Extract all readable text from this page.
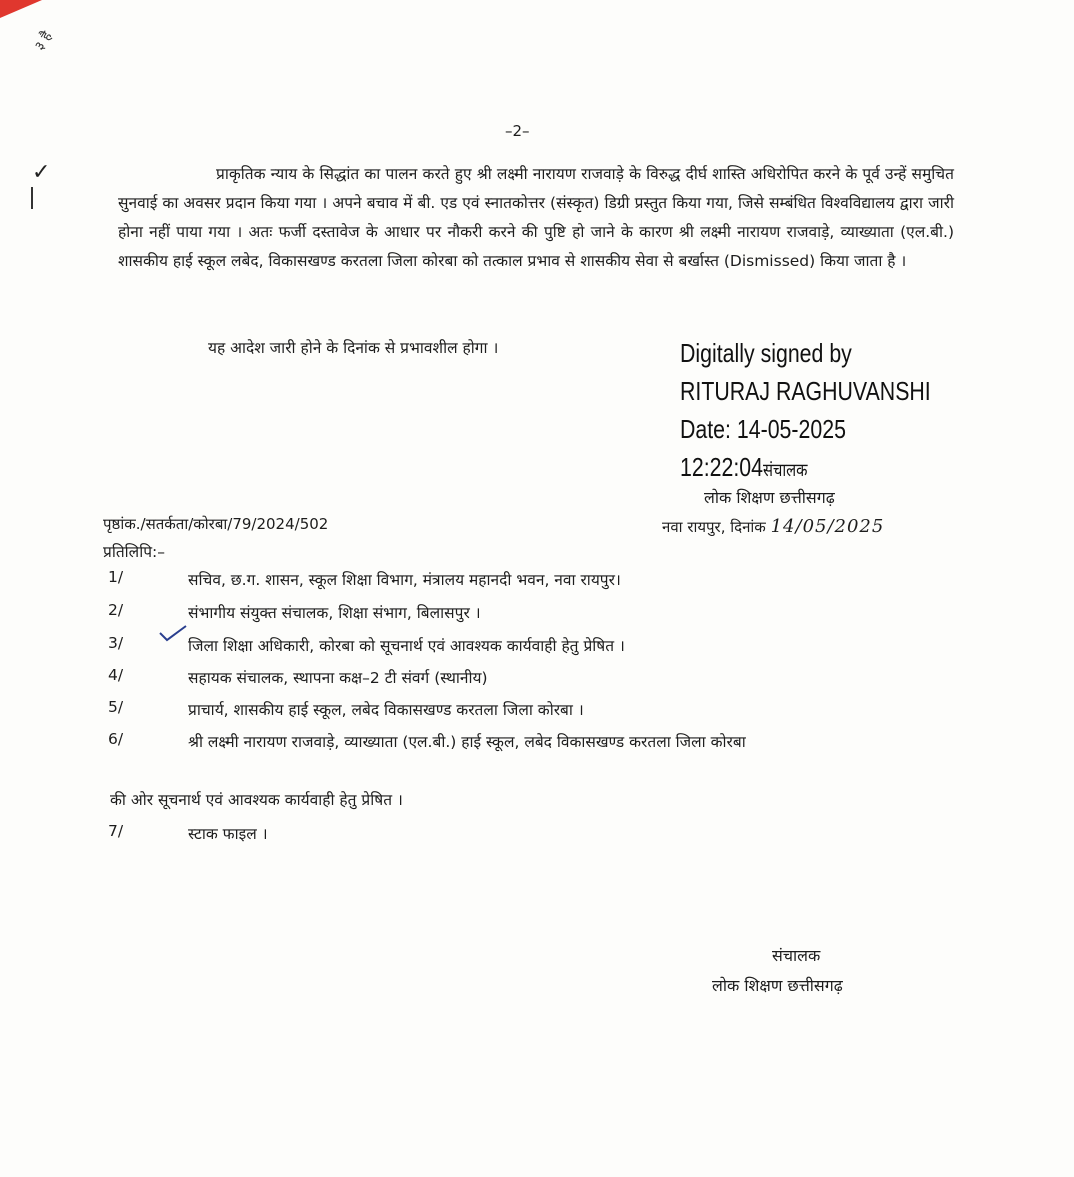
३ है
✓
–2–
प्राकृतिक न्याय के सिद्धांत का पालन करते हुए श्री लक्ष्मी नारायण राजवाड़े के विरुद्ध दीर्घ शास्ति अधिरोपित करने के पूर्व उन्हें समुचित सुनवाई का अवसर प्रदान किया गया । अपने बचाव में बी. एड एवं स्नातकोत्तर (संस्कृत) डिग्री प्रस्तुत किया गया, जिसे सम्बंधित विश्वविद्यालय द्वारा जारी होना नहीं पाया गया । अतः फर्जी दस्तावेज के आधार पर नौकरी करने की पुष्टि हो जाने के कारण श्री लक्ष्मी नारायण राजवाड़े, व्याख्याता (एल.बी.) शासकीय हाई स्कूल लबेद, विकासखण्ड करतला जिला कोरबा को तत्काल प्रभाव से शासकीय सेवा से बर्खास्त (Dismissed) किया जाता है ।
यह आदेश जारी होने के दिनांक से प्रभावशील होगा ।	Digitally signed by
RITURAJ RAGHUVANSHI
Date: 14-05-2025
12:22:04संचालक
लोक शिक्षण छत्तीसगढ़
पृष्ठांक./सतर्कता/कोरबा/79/2024/502	नवा रायपुर, दिनांक 14/05/2025
प्रतिलिपि:–
1/	सचिव, छ.ग. शासन, स्कूल शिक्षा विभाग, मंत्रालय महानदी भवन, नवा रायपुर।
2/	संभागीय संयुक्त संचालक, शिक्षा संभाग, बिलासपुर ।
3/	जिला शिक्षा अधिकारी, कोरबा को सूचनार्थ एवं आवश्यक कार्यवाही हेतु प्रेषित ।
4/	सहायक संचालक, स्थापना कक्ष–2 टी संवर्ग (स्थानीय)
5/	प्राचार्य, शासकीय हाई स्कूल, लबेद विकासखण्ड करतला जिला कोरबा ।
6/	श्री लक्ष्मी नारायण राजवाड़े, व्याख्याता (एल.बी.) हाई स्कूल, लबेद विकासखण्ड करतला जिला कोरबा
7/	स्टाक फाइल ।
की ओर सूचनार्थ एवं आवश्यक कार्यवाही हेतु प्रेषित ।
संचालक
लोक शिक्षण छत्तीसगढ़
